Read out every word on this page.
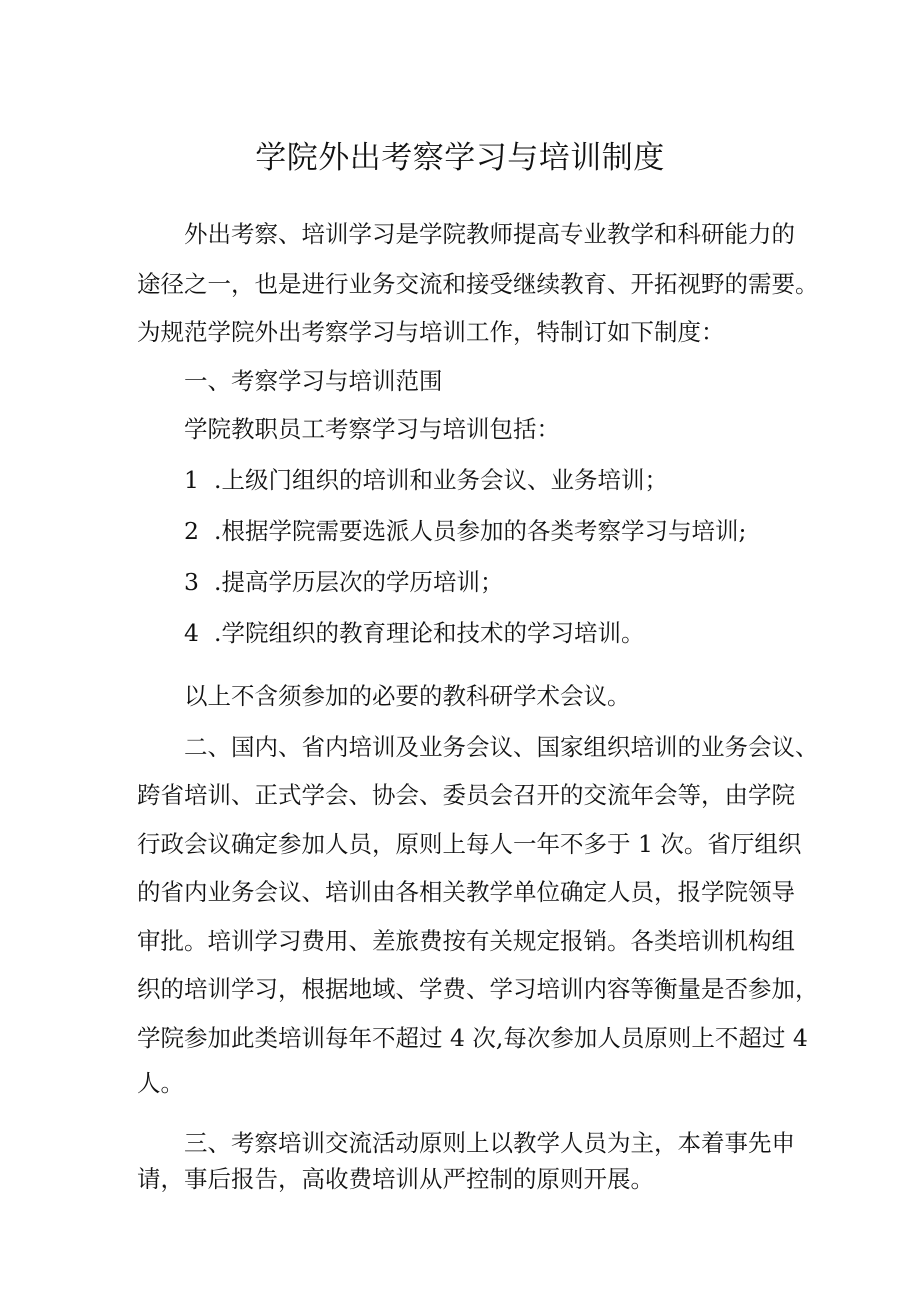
学院外出考察学习与培训制度
外出考察、培训学习是学院教师提高专业教学和科研能力的
途径之一，也是进行业务交流和接受继续教育、开拓视野的需要。
为规范学院外出考察学习与培训工作，特制订如下制度：
一、考察学习与培训范围
学院教职员工考察学习与培训包括：
1 .上级门组织的培训和业务会议、业务培训；
2 .根据学院需要选派人员参加的各类考察学习与培训;
3 .提高学历层次的学历培训；
4 .学院组织的教育理论和技术的学习培训。
以上不含须参加的必要的教科研学术会议。
二、国内、省内培训及业务会议、国家组织培训的业务会议、
跨省培训、正式学会、协会、委员会召开的交流年会等，由学院
行政会议确定参加人员，原则上每人一年不多于 1 次。省厅组织
的省内业务会议、培训由各相关教学单位确定人员，报学院领导
审批。培训学习费用、差旅费按有关规定报销。各类培训机构组
织的培训学习，根据地域、学费、学习培训内容等衡量是否参加，
学院参加此类培训每年不超过 4 次,每次参加人员原则上不超过 4
人。
三、考察培训交流活动原则上以教学人员为主，本着事先申
请，事后报告，高收费培训从严控制的原则开展。
